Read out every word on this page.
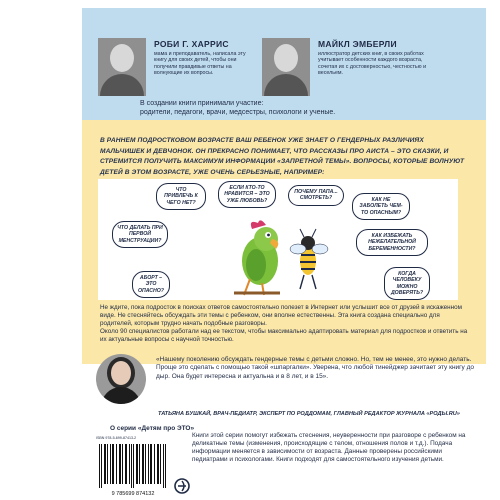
РОБИ Г. ХАРРИС
мама и преподаватель, написала эту книгу для своих детей, чтобы они получили правдивые ответы на волнующие их вопросы.
МАЙКЛ ЭМБЕРЛИ
иллюстратор детских книг, в своих работах учитывает особенности каждого возраста, сочетая их с достоверностью, честностью и весельем.
В создании книги принимали участие:
родители, педагоги, врачи, медсестры, психологи и ученые.
В РАННЕМ ПОДРОСТКОВОМ ВОЗРАСТЕ ВАШ РЕБЕНОК УЖЕ ЗНАЕТ О ГЕНДЕРНЫХ РАЗЛИЧИЯХ МАЛЬЧИШЕК И ДЕВЧОНОК. ОН ПРЕКРАСНО ПОНИМАЕТ, ЧТО РАССКАЗЫ ПРО АИСТА – ЭТО СКАЗКИ, И СТРЕМИТСЯ ПОЛУЧИТЬ МАКСИМУМ ИНФОРМАЦИИ «ЗАПРЕТНОЙ ТЕМЫ». ВОПРОСЫ, КОТОРЫЕ ВОЛНУЮТ ДЕТЕЙ В ЭТОМ ВОЗРАСТЕ, УЖЕ ОЧЕНЬ СЕРЬЕЗНЫЕ, НАПРИМЕР:
ЧТО ДЕЛАТЬ ПРИ ПЕРВОЙ МЕНСТРУАЦИИ?
АБОРТ – ЭТО ОПАСНО?
ЧТО ПРИВЛЕЧЬ К ЧЕГО НЕТ?
ЕСЛИ КТО-ТО НРАВИТСЯ – ЭТО УЖЕ ЛЮБОВЬ?
ПОЧЕМУ ПАПА... СМОТРЕТЬ?	КАК НЕ ЗАБОЛЕТЬ ЧЕМ-ТО ОПАСНЫМ?
КАК ИЗБЕЖАТЬ НЕЖЕЛАТЕЛЬНОЙ БЕРЕМЕННОСТИ?
КОГДА ЧЕЛОВЕКУ МОЖНО ДОВЕРЯТЬ?

Не ждите, пока подросток в поисках ответов самостоятельно полезет в Интернет или услышит все от друзей в искаженном виде. Не стесняйтесь обсуждать эти темы с ребенком, они вполне естественны. Эта книга создана специально для родителей, которым трудно начать подобные разговоры.

Около 90 специалистов работали над ее текстом, чтобы максимально адаптировать материал для подростков и ответить на их актуальные вопросы с научной точностью.

«Нашему поколению обсуждать гендерные темы с детьми сложно. Но, тем не менее, это нужно делать. Проще это сделать с помощью такой «шпаргалки». Уверена, что любой тинейджер зачитает эту книгу до дыр. Она будет интересна и актуальна и в 8 лет, и в 15».
ТАТЬЯНА БУШКАЙ, ВРАЧ-ПЕДИАТР, ЭКСПЕРТ ПО РОДДОМАМ, ГЛАВНЫЙ РЕДАКТОР ЖУРНАЛА «РОДЫ.RU»
О серии «Детям про ЭТО»
ISBN 978-5-699-87413-2
9 785699 874132
Книги этой серии помогут избежать стеснения, неуверенности при разговоре с ребенком на деликатные темы (изменения, происходящие с телом, отношения полов и т.д.). Подача информации меняется в зависимости от возраста. Данные проверены российскими педиатрами и психологами. Книги подходят для самостоятельного изучения детьми.
